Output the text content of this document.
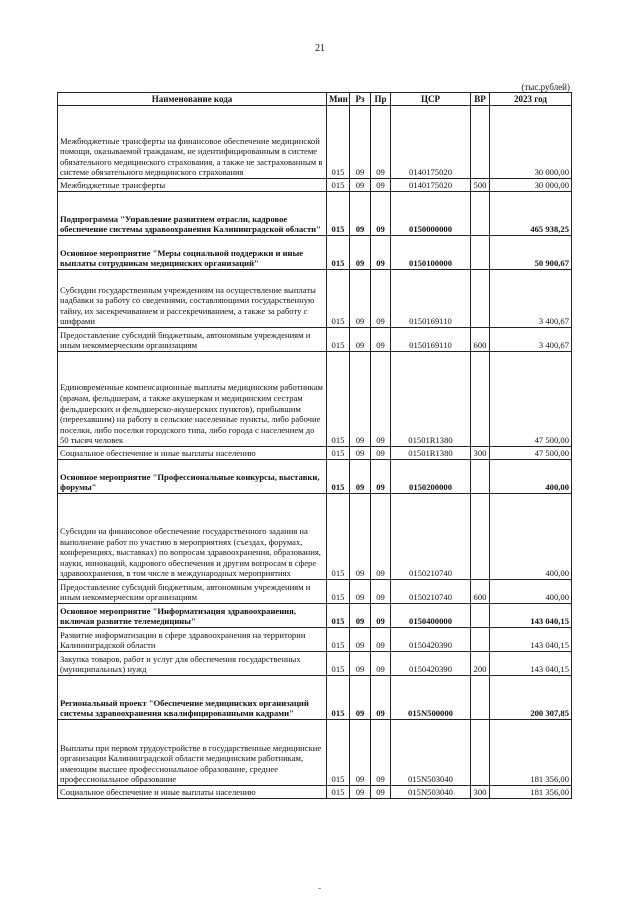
21
(тыс.рублей)
Наименование кода	Мин	Рз	Пр	ЦСР	ВР	2023 год
Межбюджетные трансферты на финансовое обеспечение медицинской помощи, оказываемой гражданам, не идентифицированным в системе обязательного медицинского страхования, а также не застрахованным в системе обязательного медицинского страхования	015	09	09	0140175020		30 000,00
Межбюджетные трансферты	015	09	09	0140175020	500	30 000,00
Подпрограмма "Управление развитием отрасли, кадровое обеспечение системы здравоохранения Калининградской области"	015	09	09	0150000000		465 938,25
Основное мероприятие "Меры социальной поддержки и иные выплаты сотрудникам медицинских организаций"	015	09	09	0150100000		50 900,67
Субсидии государственным учреждениям на осуществление выплаты надбавки за работу со сведениями, составляющими государственную тайну, их засекречиванием и рассекречиванием, а также за работу с шифрами	015	09	09	0150169110		3 400,67
Предоставление субсидий бюджетным, автономным учреждениям и иным некоммерческим организациям	015	09	09	0150169110	600	3 400,67
Единовременные компенсационные выплаты медицинским работникам (врачам, фельдшерам, а также акушеркам и медицинским сестрам фельдшерских и фельдшерско-акушерских пунктов), прибывшим (переехавшим) на работу в сельские населенные пункты, либо рабочие поселки, либо поселки городского типа, либо города с населением до 50 тысяч человек	015	09	09	01501R1380		47 500,00
Социальное обеспечение и иные выплаты населению	015	09	09	01501R1380	300	47 500,00
Основное мероприятие "Профессиональные конкурсы, выставки, форумы"	015	09	09	0150200000		400,00
Субсидии на финансовое обеспечение государственного задания на выполнение работ по участию в мероприятиях (съездах, форумах, конференциях, выставках) по вопросам здравоохранения, образования, науки, инноваций, кадрового обеспечения и другим вопросам в сфере здравоохранения, в том числе в международных мероприятиях	015	09	09	0150210740		400,00
Предоставление субсидий бюджетным, автономным учреждениям и иным некоммерческим организациям	015	09	09	0150210740	600	400,00
Основное мероприятие "Информатизация здравоохранения, включая развитие телемедицины"	015	09	09	0150400000		143 040,15
Развитие информатизации в сфере здравоохранения на территории Калининградской области	015	09	09	0150420390		143 040,15
Закупка товаров, работ и услуг для обеспечения государственных (муниципальных) нужд	015	09	09	0150420390	200	143 040,15
Региональный проект "Обеспечение медицинских организаций системы здравоохранения квалифицированными кадрами"	015	09	09	015N500000		200 307,85
Выплаты при первом трудоустройстве в государственные медицинские организации Калининградской области медицинским работникам, имеющим высшее профессиональное образование, среднее профессиональное образование	015	09	09	015N503040		181 356,00
Социальное обеспечение и иные выплаты населению	015	09	09	015N503040	300	181 356,00
